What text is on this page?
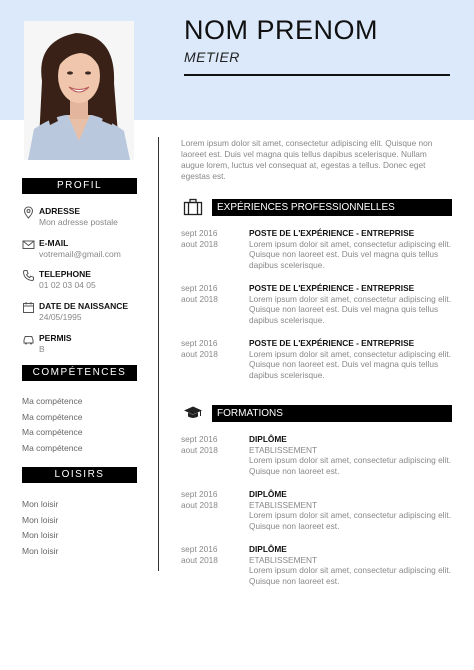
NOM PRENOM
METIER
PROFIL
ADRESSE
Mon adresse postale
E-MAIL
votremail@gmail.com
TELEPHONE
01 02 03 04 05
DATE DE NAISSANCE
24/05/1995
PERMIS
B
COMPÉTENCES
Ma compétence
Ma compétence
Ma compétence
Ma compétence
LOISIRS
Mon loisir
Mon loisir
Mon loisir
Mon loisir
Lorem ipsum dolor sit amet, consectetur adipiscing elit. Quisque non laoreet est. Duis vel magna quis tellus dapibus scelerisque. Nullam augue lorem, luctus vel consequat at, egestas a tellus. Donec eget egestas est.
EXPÉRIENCES PROFESSIONNELLES
sept 2016
aout 2018
POSTE DE L'EXPÉRIENCE - ENTREPRISE
Lorem ipsum dolor sit amet, consectetur adipiscing elit. Quisque non laoreet est. Duis vel magna quis tellus dapibus scelerisque.
sept 2016
aout 2018
POSTE DE L'EXPÉRIENCE - ENTREPRISE
Lorem ipsum dolor sit amet, consectetur adipiscing elit. Quisque non laoreet est. Duis vel magna quis tellus dapibus scelerisque.
sept 2016
aout 2018
POSTE DE L'EXPÉRIENCE - ENTREPRISE
Lorem ipsum dolor sit amet, consectetur adipiscing elit. Quisque non laoreet est. Duis vel magna quis tellus dapibus scelerisque.
FORMATIONS
sept 2016
aout 2018
DIPLÔME
ETABLISSEMENT
Lorem ipsum dolor sit amet, consectetur adipiscing elit. Quisque non laoreet est.
sept 2016
aout 2018
DIPLÔME
ETABLISSEMENT
Lorem ipsum dolor sit amet, consectetur adipiscing elit. Quisque non laoreet est.
sept 2016
aout 2018
DIPLÔME
ETABLISSEMENT
Lorem ipsum dolor sit amet, consectetur adipiscing elit. Quisque non laoreet est.
